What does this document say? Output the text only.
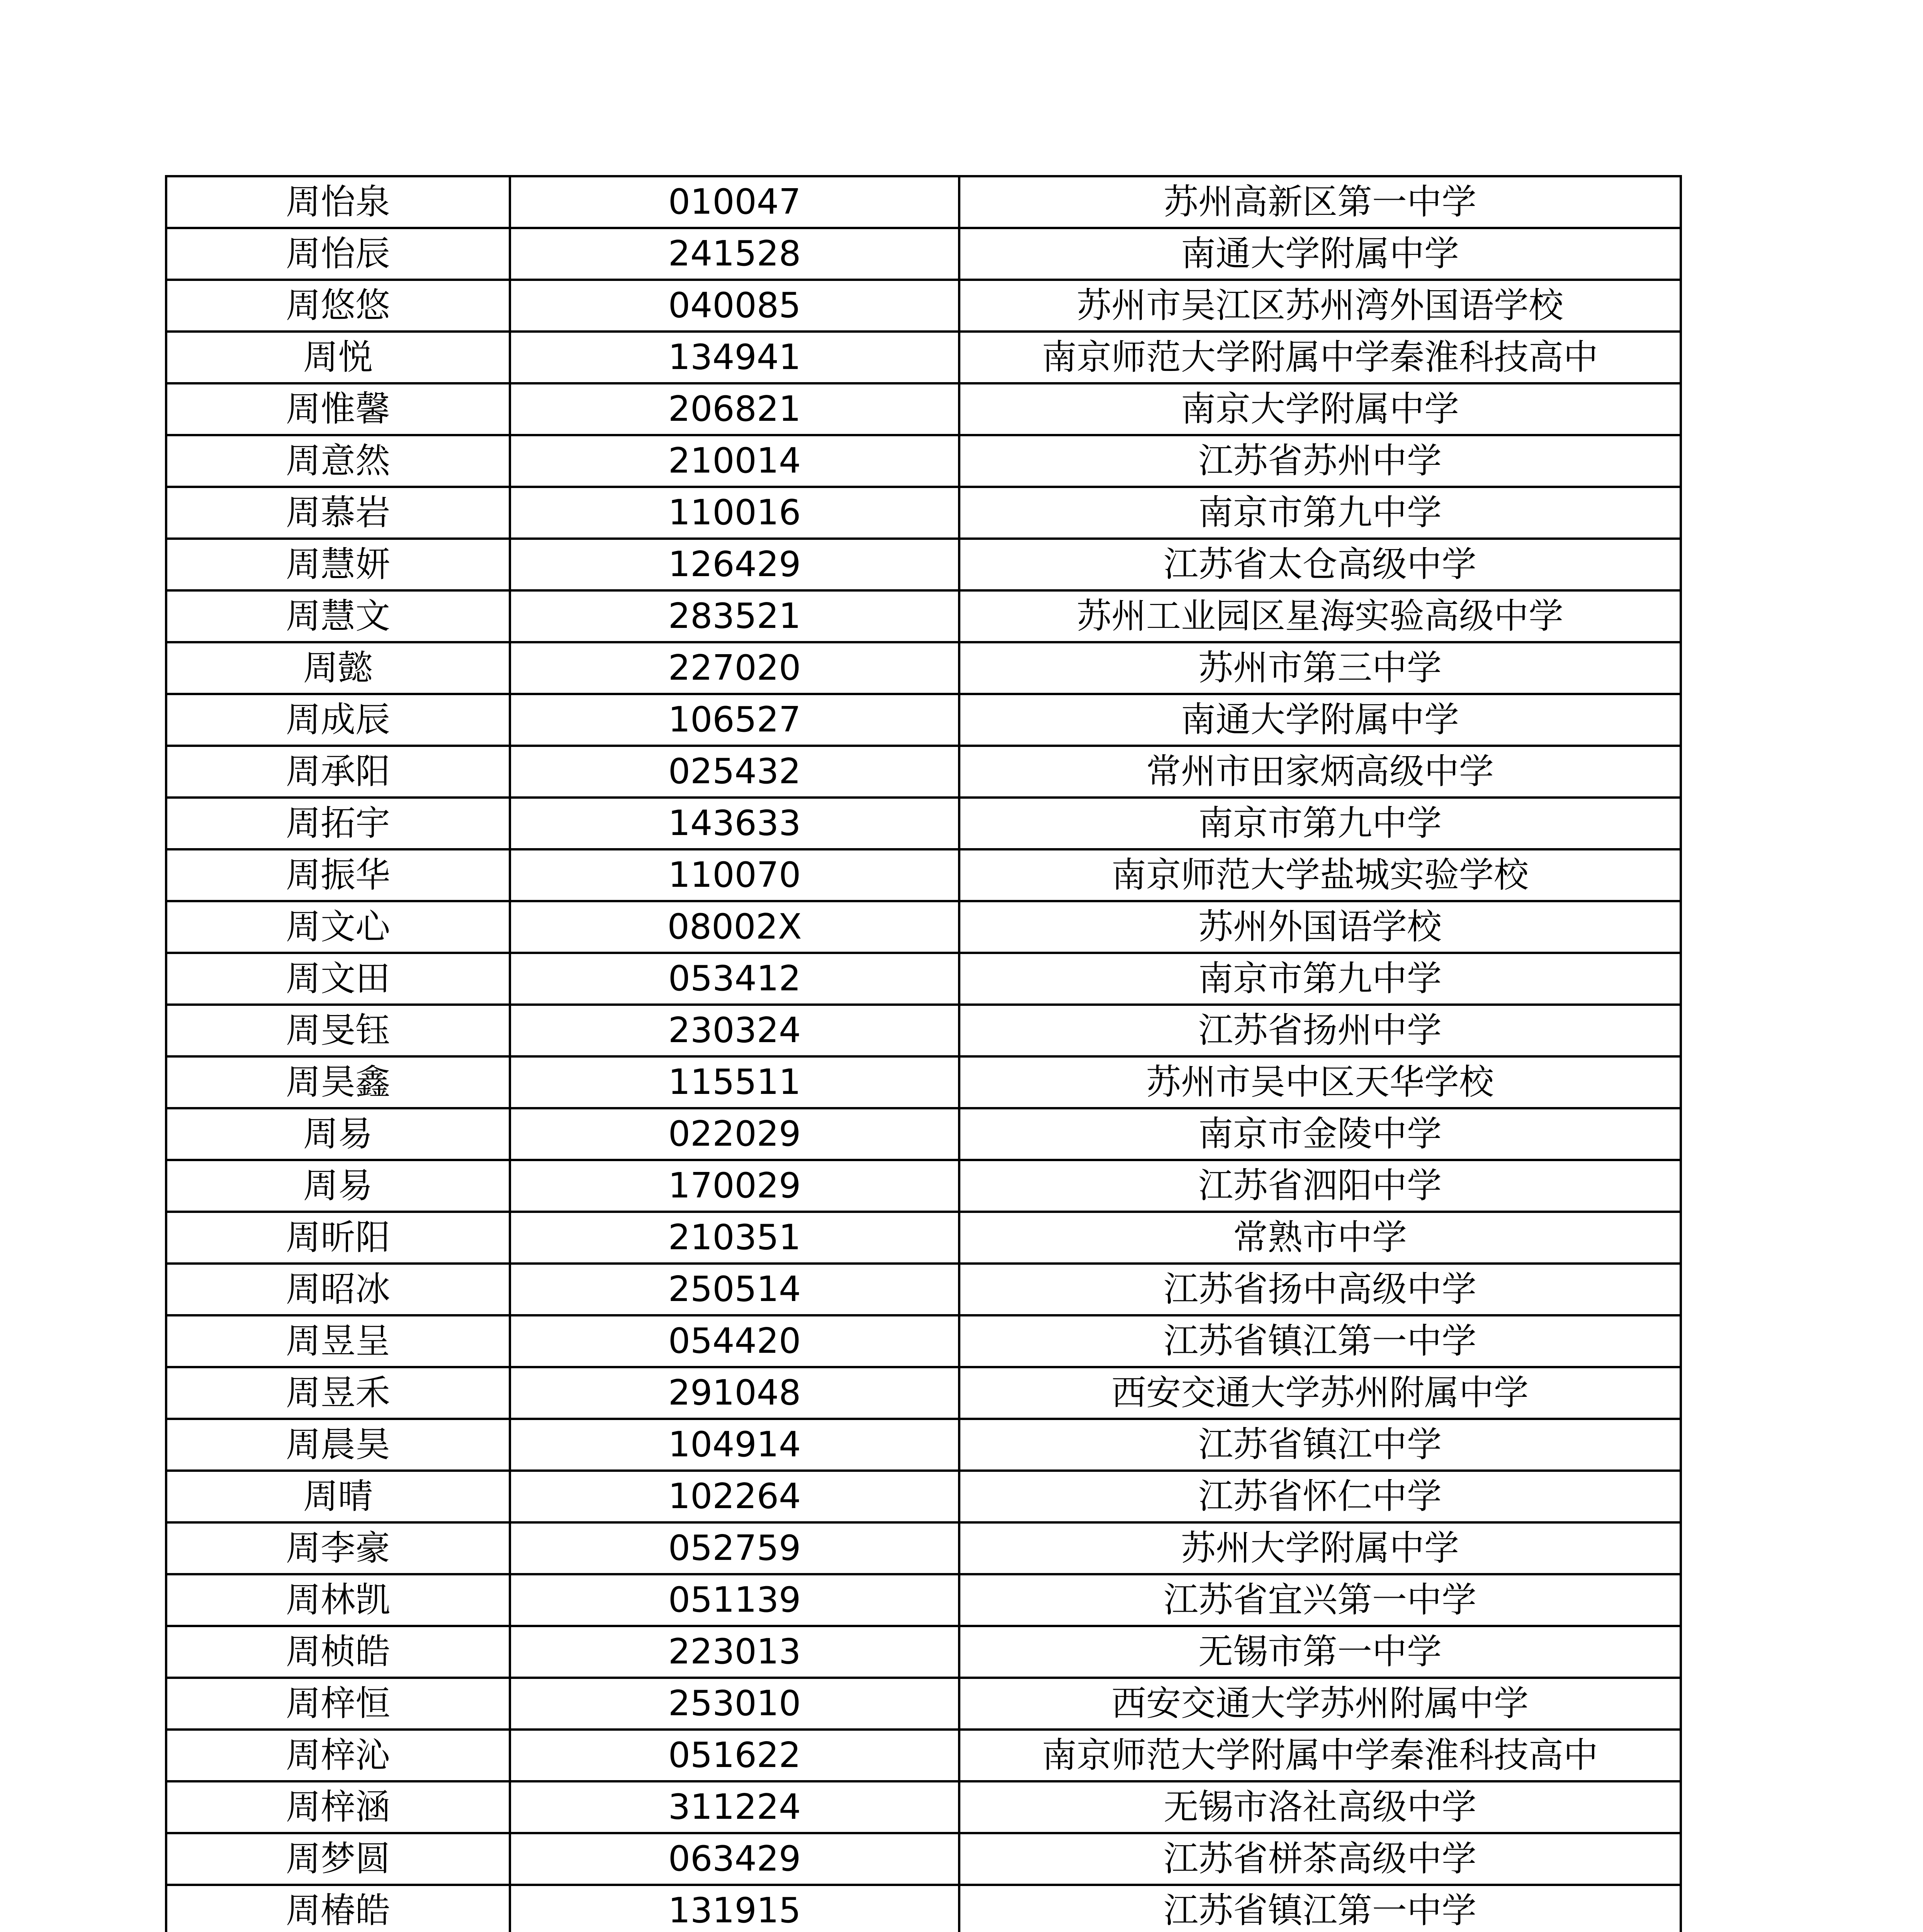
周怡泉	010047	苏州高新区第一中学
周怡辰	241528	南通大学附属中学
周悠悠	040085	苏州市吴江区苏州湾外国语学校
周悦	134941	南京师范大学附属中学秦淮科技高中
周惟馨	206821	南京大学附属中学
周意然	210014	江苏省苏州中学
周慕岩	110016	南京市第九中学
周慧妍	126429	江苏省太仓高级中学
周慧文	283521	苏州工业园区星海实验高级中学
周懿	227020	苏州市第三中学
周成辰	106527	南通大学附属中学
周承阳	025432	常州市田家炳高级中学
周拓宇	143633	南京市第九中学
周振华	110070	南京师范大学盐城实验学校
周文心	08002X	苏州外国语学校
周文田	053412	南京市第九中学
周旻钰	230324	江苏省扬州中学
周昊鑫	115511	苏州市吴中区天华学校
周易	022029	南京市金陵中学
周易	170029	江苏省泗阳中学
周昕阳	210351	常熟市中学
周昭冰	250514	江苏省扬中高级中学
周昱呈	054420	江苏省镇江第一中学
周昱禾	291048	西安交通大学苏州附属中学
周晨昊	104914	江苏省镇江中学
周晴	102264	江苏省怀仁中学
周李豪	052759	苏州大学附属中学
周林凯	051139	江苏省宜兴第一中学
周桢皓	223013	无锡市第一中学
周梓恒	253010	西安交通大学苏州附属中学
周梓沁	051622	南京师范大学附属中学秦淮科技高中
周梓涵	311224	无锡市洛社高级中学
周梦圆	063429	江苏省栟茶高级中学
周椿皓	131915	江苏省镇江第一中学
